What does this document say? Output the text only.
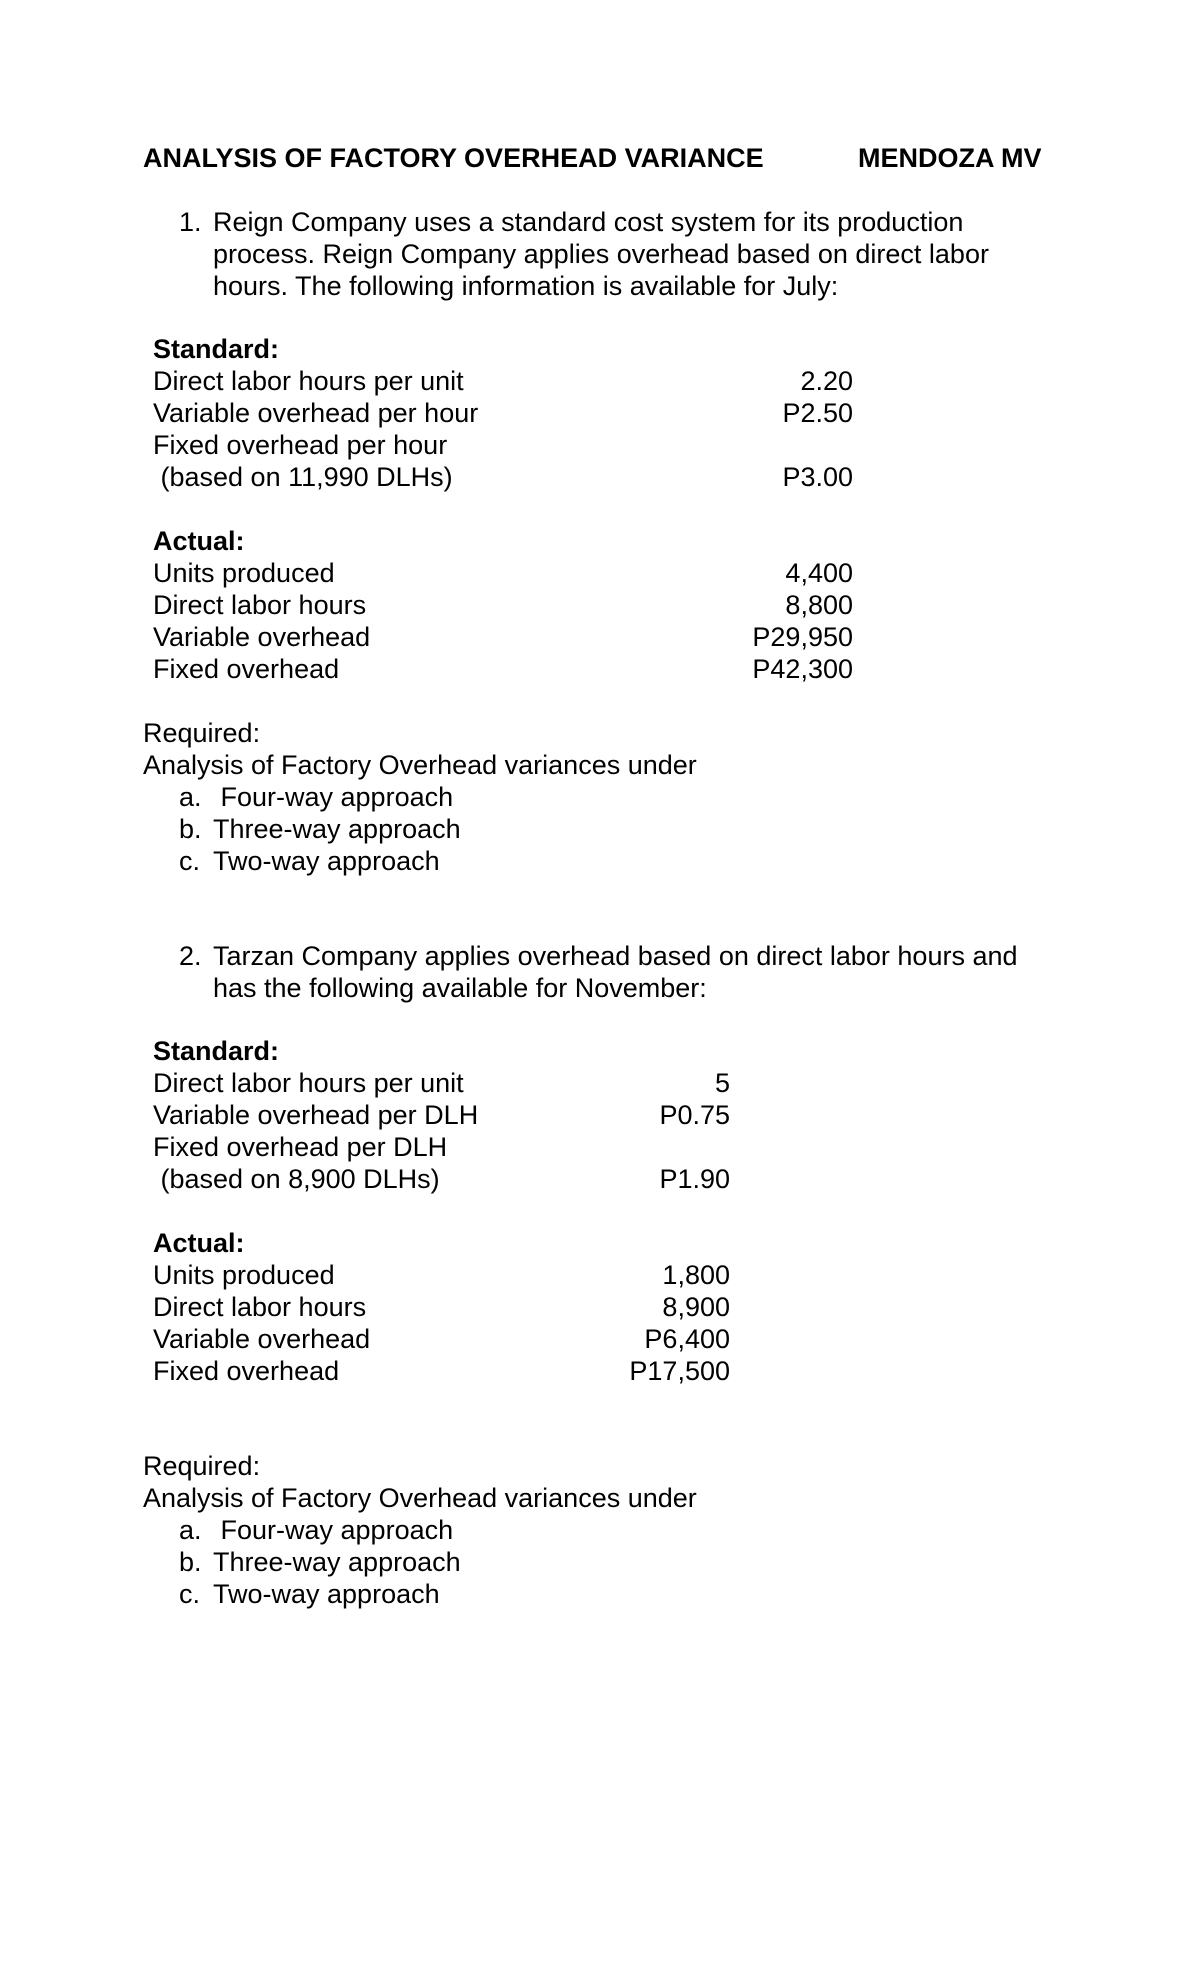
ANALYSIS OF FACTORY OVERHEAD VARIANCE	MENDOZA MV
1. Reign Company uses a standard cost system for its production
process. Reign Company applies overhead based on direct labor
hours. The following information is available for July:
Standard:
Direct labor hours per unit	2.20
Variable overhead per hour	P2.50
Fixed overhead per hour
(based on 11,990 DLHs)	P3.00
Actual:
Units produced	4,400
Direct labor hours	8,800
Variable overhead	P29,950
Fixed overhead	P42,300
Required:
Analysis of Factory Overhead variances under
a. Four-way approach
b. Three-way approach
c. Two-way approach
2. Tarzan Company applies overhead based on direct labor hours and
has the following available for November:
Standard:
Direct labor hours per unit	5
Variable overhead per DLH	P0.75
Fixed overhead per DLH
(based on 8,900 DLHs)	P1.90
Actual:
Units produced	1,800
Direct labor hours	8,900
Variable overhead	P6,400
Fixed overhead	P17,500
Required:
Analysis of Factory Overhead variances under
a. Four-way approach
b. Three-way approach
c. Two-way approach
